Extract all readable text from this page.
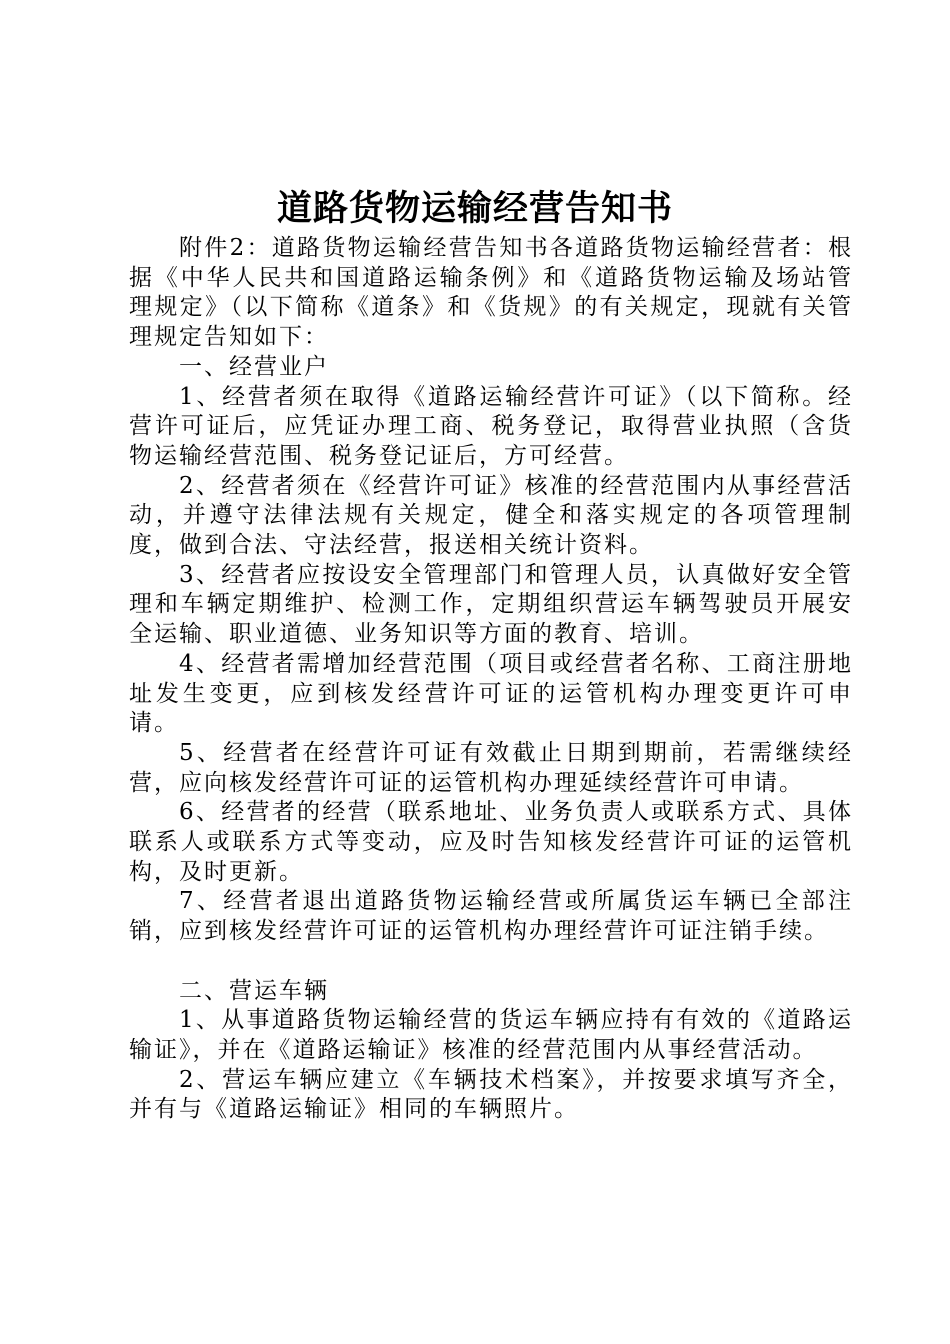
道路货物运输经营告知书

附件2：道路货物运输经营告知书各道路货物运输经营者：根据《中华人民共和国道路运输条例》和《道路货物运输及场站管理规定》（以下简称《道条》和《货规》的有关规定，现就有关管理规定告知如下：

一、经营业户

1、经营者须在取得《道路运输经营许可证》（以下简称。经营许可证后，应凭证办理工商、税务登记，取得营业执照（含货物运输经营范围、税务登记证后，方可经营。

2、经营者须在《经营许可证》核准的经营范围内从事经营活动，并遵守法律法规有关规定，健全和落实规定的各项管理制度，做到合法、守法经营，报送相关统计资料。

3、经营者应按设安全管理部门和管理人员，认真做好安全管理和车辆定期维护、检测工作，定期组织营运车辆驾驶员开展安全运输、职业道德、业务知识等方面的教育、培训。

4、经营者需增加经营范围（项目或经营者名称、工商注册地址发生变更，应到核发经营许可证的运管机构办理变更许可申请。

5、经营者在经营许可证有效截止日期到期前，若需继续经营，应向核发经营许可证的运管机构办理延续经营许可申请。

6、经营者的经营（联系地址、业务负责人或联系方式、具体联系人或联系方式等变动，应及时告知核发经营许可证的运管机构，及时更新。

7、经营者退出道路货物运输经营或所属货运车辆已全部注销，应到核发经营许可证的运管机构办理经营许可证注销手续。

二、营运车辆

1、从事道路货物运输经营的货运车辆应持有有效的《道路运输证》，并在《道路运输证》核准的经营范围内从事经营活动。

2、营运车辆应建立《车辆技术档案》，并按要求填写齐全，并有与《道路运输证》相同的车辆照片。
